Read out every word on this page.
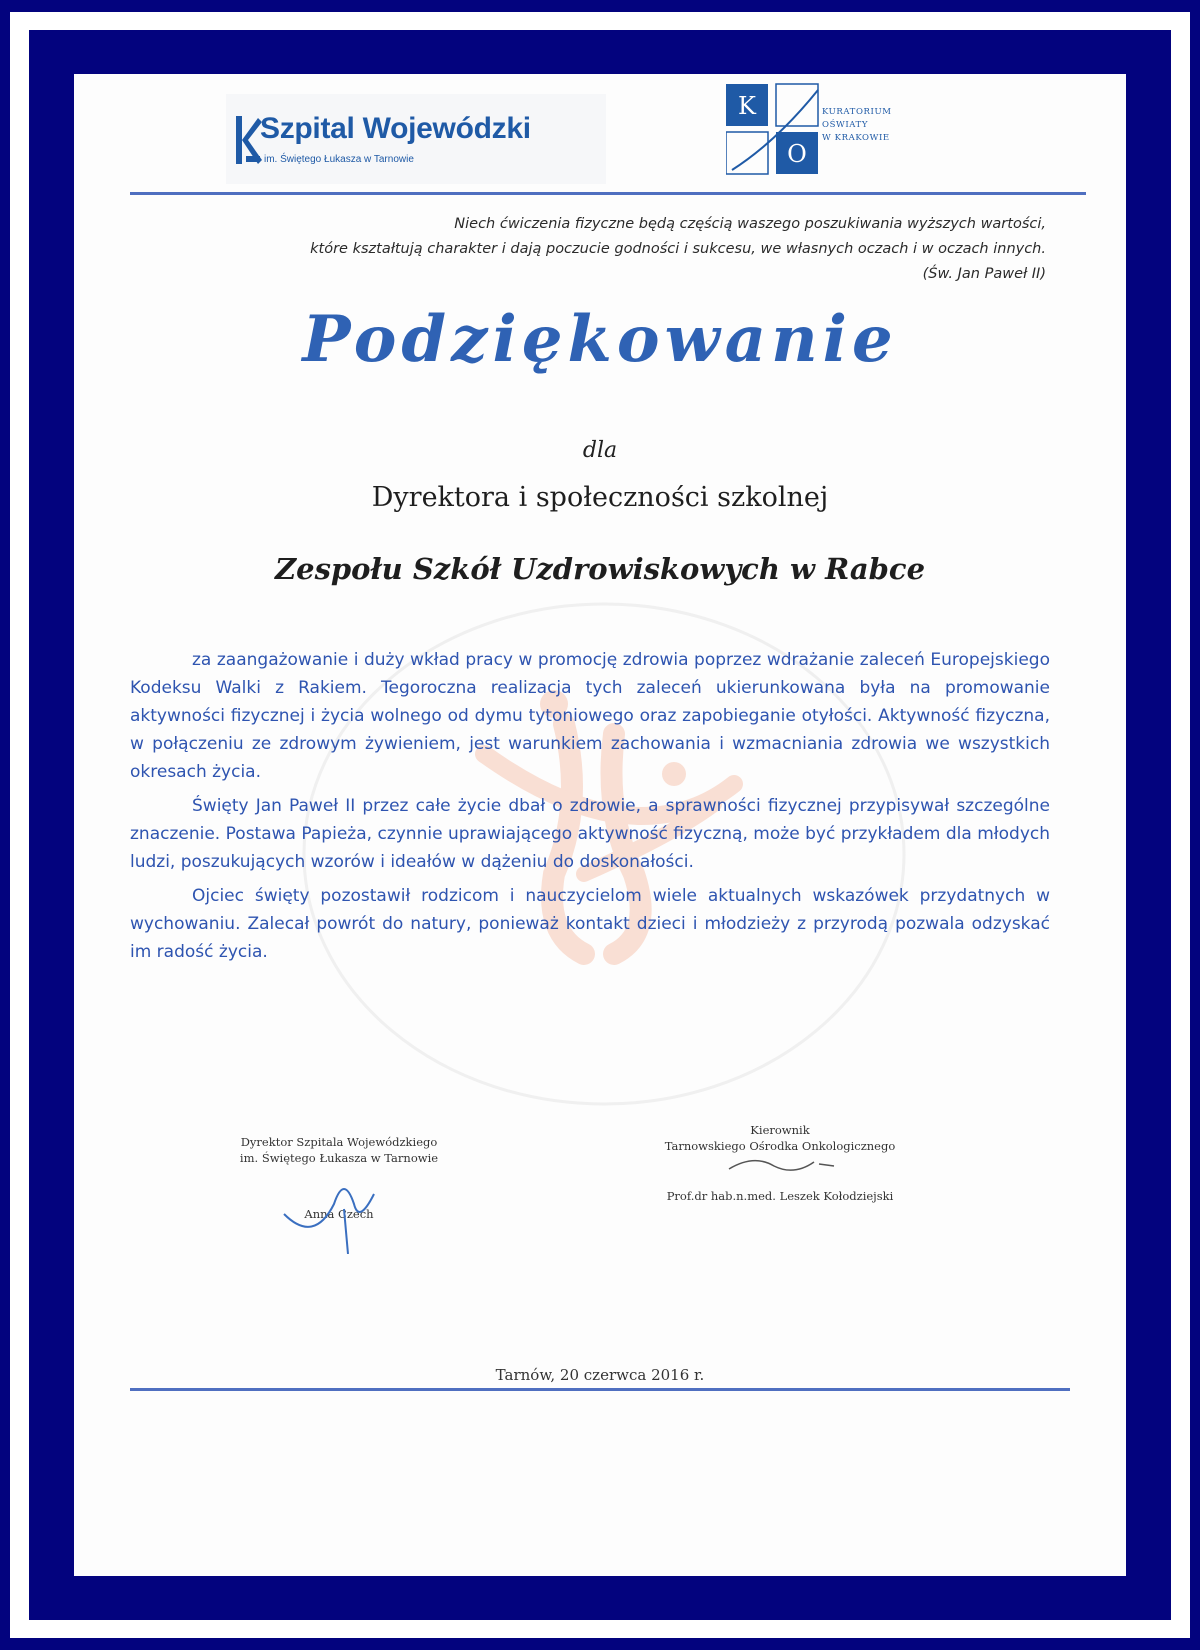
Szpital Wojewódzki
im. Świętego Łukasza w Tarnowie
K
O
KURATORIUM
OŚWIATY
W KRAKOWIE
Niech ćwiczenia fizyczne będą częścią waszego poszukiwania wyższych wartości,
które kształtują charakter i dają poczucie godności i sukcesu, we własnych oczach i w oczach innych.
(Św. Jan Paweł II)
Podziękowanie
dla
Dyrektora i społeczności szkolnej
Zespołu Szkół Uzdrowiskowych w Rabce

za zaangażowanie i duży wkład pracy w promocję zdrowia poprzez wdrażanie zaleceń Europejskiego Kodeksu Walki z Rakiem. Tegoroczna realizacja tych zaleceń ukierunkowana była na promowanie aktywności fizycznej i życia wolnego od dymu tytoniowego oraz zapobieganie otyłości. Aktywność fizyczna, w połączeniu ze zdrowym żywieniem, jest warunkiem zachowania i wzmacniania zdrowia we wszystkich okresach życia.

Święty Jan Paweł II przez całe życie dbał o zdrowie, a sprawności fizycznej przypisywał szczególne znaczenie. Postawa Papieża, czynnie uprawiającego aktywność fizyczną, może być przykładem dla młodych ludzi, poszukujących wzorów i ideałów w dążeniu do doskonałości.

Ojciec święty pozostawił rodzicom i nauczycielom wiele aktualnych wskazówek przydatnych w wychowaniu. Zalecał powrót do natury, ponieważ kontakt dzieci i młodzieży z przyrodą pozwala odzyskać im radość życia.

Dyrektor Szpitala Wojewódzkiego
im. Świętego Łukasza w Tarnowie
Anna Czech
Kierownik
Tarnowskiego Ośrodka Onkologicznego
Prof.dr hab.n.med. Leszek Kołodziejski
Tarnów, 20 czerwca 2016 r.
